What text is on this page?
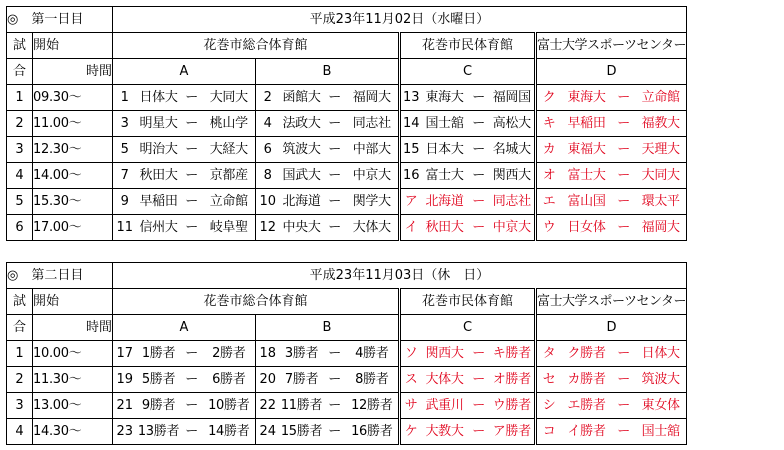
◎　第一日目		平成23年11月02日（水曜日）															
試	開始	花巻市総合体育館								花巻市民体育館				富士大学スポーツセンター			
合	時間	A				B				C				D			
1	09.30～	1	日体大	ー	大同大	2	函館大	ー	福岡大	13	東海大	ー	福岡国	ク	東海大	ー	立命館
2	11.00～	3	明星大	ー	桃山学	4	法政大	ー	同志社	14	国士舘	ー	高松大	キ	早稲田	ー	福教大
3	12.30～	5	明治大	ー	大経大	6	筑波大	ー	中部大	15	日本大	ー	名城大	カ	東福大	ー	天理大
4	14.00～	7	秋田大	ー	京都産	8	国武大	ー	中京大	16	富士大	ー	関西大	オ	富士大	ー	大同大
5	15.30～	9	早稲田	ー	立命館	10	北海道	ー	関学大	ア	北海道	ー	同志社	エ	富山国	ー	環太平
6	17.00～	11	信州大	ー	岐阜聖	12	中央大	ー	大体大	イ	秋田大	ー	中京大	ウ	日女体	ー	福岡大
◎　第二日目		平成23年11月03日（休　日）															
試	開始	花巻市総合体育館								花巻市民体育館				富士大学スポーツセンター			
合	時間	A				B				C				D			
1	10.00～	17	1勝者	ー	2勝者	18	3勝者	ー	4勝者	ソ	関西大	ー	キ勝者	タ	ク勝者	ー	日体大
2	11.30～	19	5勝者	ー	6勝者	20	7勝者	ー	8勝者	ス	大体大	ー	オ勝者	セ	カ勝者	ー	筑波大
3	13.00～	21	9勝者	ー	10勝者	22	11勝者	ー	12勝者	サ	武重川	ー	ウ勝者	シ	エ勝者	ー	東女体
4	14.30～	23	13勝者	ー	14勝者	24	15勝者	ー	16勝者	ケ	大教大	ー	ア勝者	コ	イ勝者	ー	国士舘
